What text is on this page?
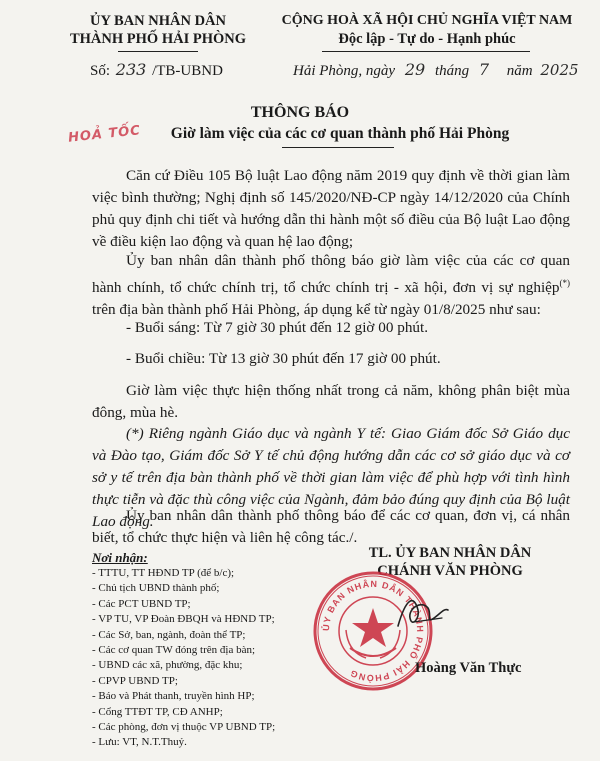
ỦY BAN NHÂN DÂN
THÀNH PHỐ HẢI PHÒNG
CỘNG HOÀ XÃ HỘI CHỦ NGHĨA VIỆT NAM
Độc lập - Tự do - Hạnh phúc
Số: 233 /TB-UBND	Hải Phòng, ngày 29 tháng 7 năm 2025
THÔNG BÁO
Giờ làm việc của các cơ quan thành phố Hải Phòng
HOẢ TỐC

Căn cứ Điều 105 Bộ luật Lao động năm 2019 quy định về thời gian làm việc bình thường; Nghị định số 145/2020/NĐ-CP ngày 14/12/2020 của Chính phủ quy định chi tiết và hướng dẫn thi hành một số điều của Bộ luật Lao động về điều kiện lao động và quan hệ lao động;

Ủy ban nhân dân thành phố thông báo giờ làm việc của các cơ quan hành chính, tổ chức chính trị, tổ chức chính trị - xã hội, đơn vị sự nghiệp(*) trên địa bàn thành phố Hải Phòng, áp dụng kể từ ngày 01/8/2025 như sau:

- Buổi sáng: Từ 7 giờ 30 phút đến 12 giờ 00 phút.
- Buổi chiều: Từ 13 giờ 30 phút đến 17 giờ 00 phút.

Giờ làm việc thực hiện thống nhất trong cả năm, không phân biệt mùa đông, mùa hè.

(*) Riêng ngành Giáo dục và ngành Y tế: Giao Giám đốc Sở Giáo dục và Đào tạo, Giám đốc Sở Y tế chủ động hướng dẫn các cơ sở giáo dục và cơ sở y tế trên địa bàn thành phố về thời gian làm việc để phù hợp với tình hình thực tiễn và đặc thù công việc của Ngành, đảm bảo đúng quy định của Bộ luật Lao động.

Ủy ban nhân dân thành phố thông báo để các cơ quan, đơn vị, cá nhân biết, tổ chức thực hiện và liên hệ công tác./.

Nơi nhận:
- TTTU, TT HĐND TP (để b/c);
- Chủ tịch UBND thành phố;
- Các PCT UBND TP;
- VP TU, VP Đoàn ĐBQH và HĐND TP;
- Các Sở, ban, ngành, đoàn thể TP;
- Các cơ quan TW đóng trên địa bàn;
- UBND các xã, phường, đặc khu;
- CPVP UBND TP;
- Báo và Phát thanh, truyền hình HP;
- Cổng TTĐT TP, CĐ ANHP;
- Các phòng, đơn vị thuộc VP UBND TP;
- Lưu: VT, N.T.Thuỷ.
TL. ỦY BAN NHÂN DÂN
CHÁNH VĂN PHÒNG
ỦY BAN NHÂN DÂN THÀNH PHỐ HẢI PHÒNG	Hoàng Văn Thực
